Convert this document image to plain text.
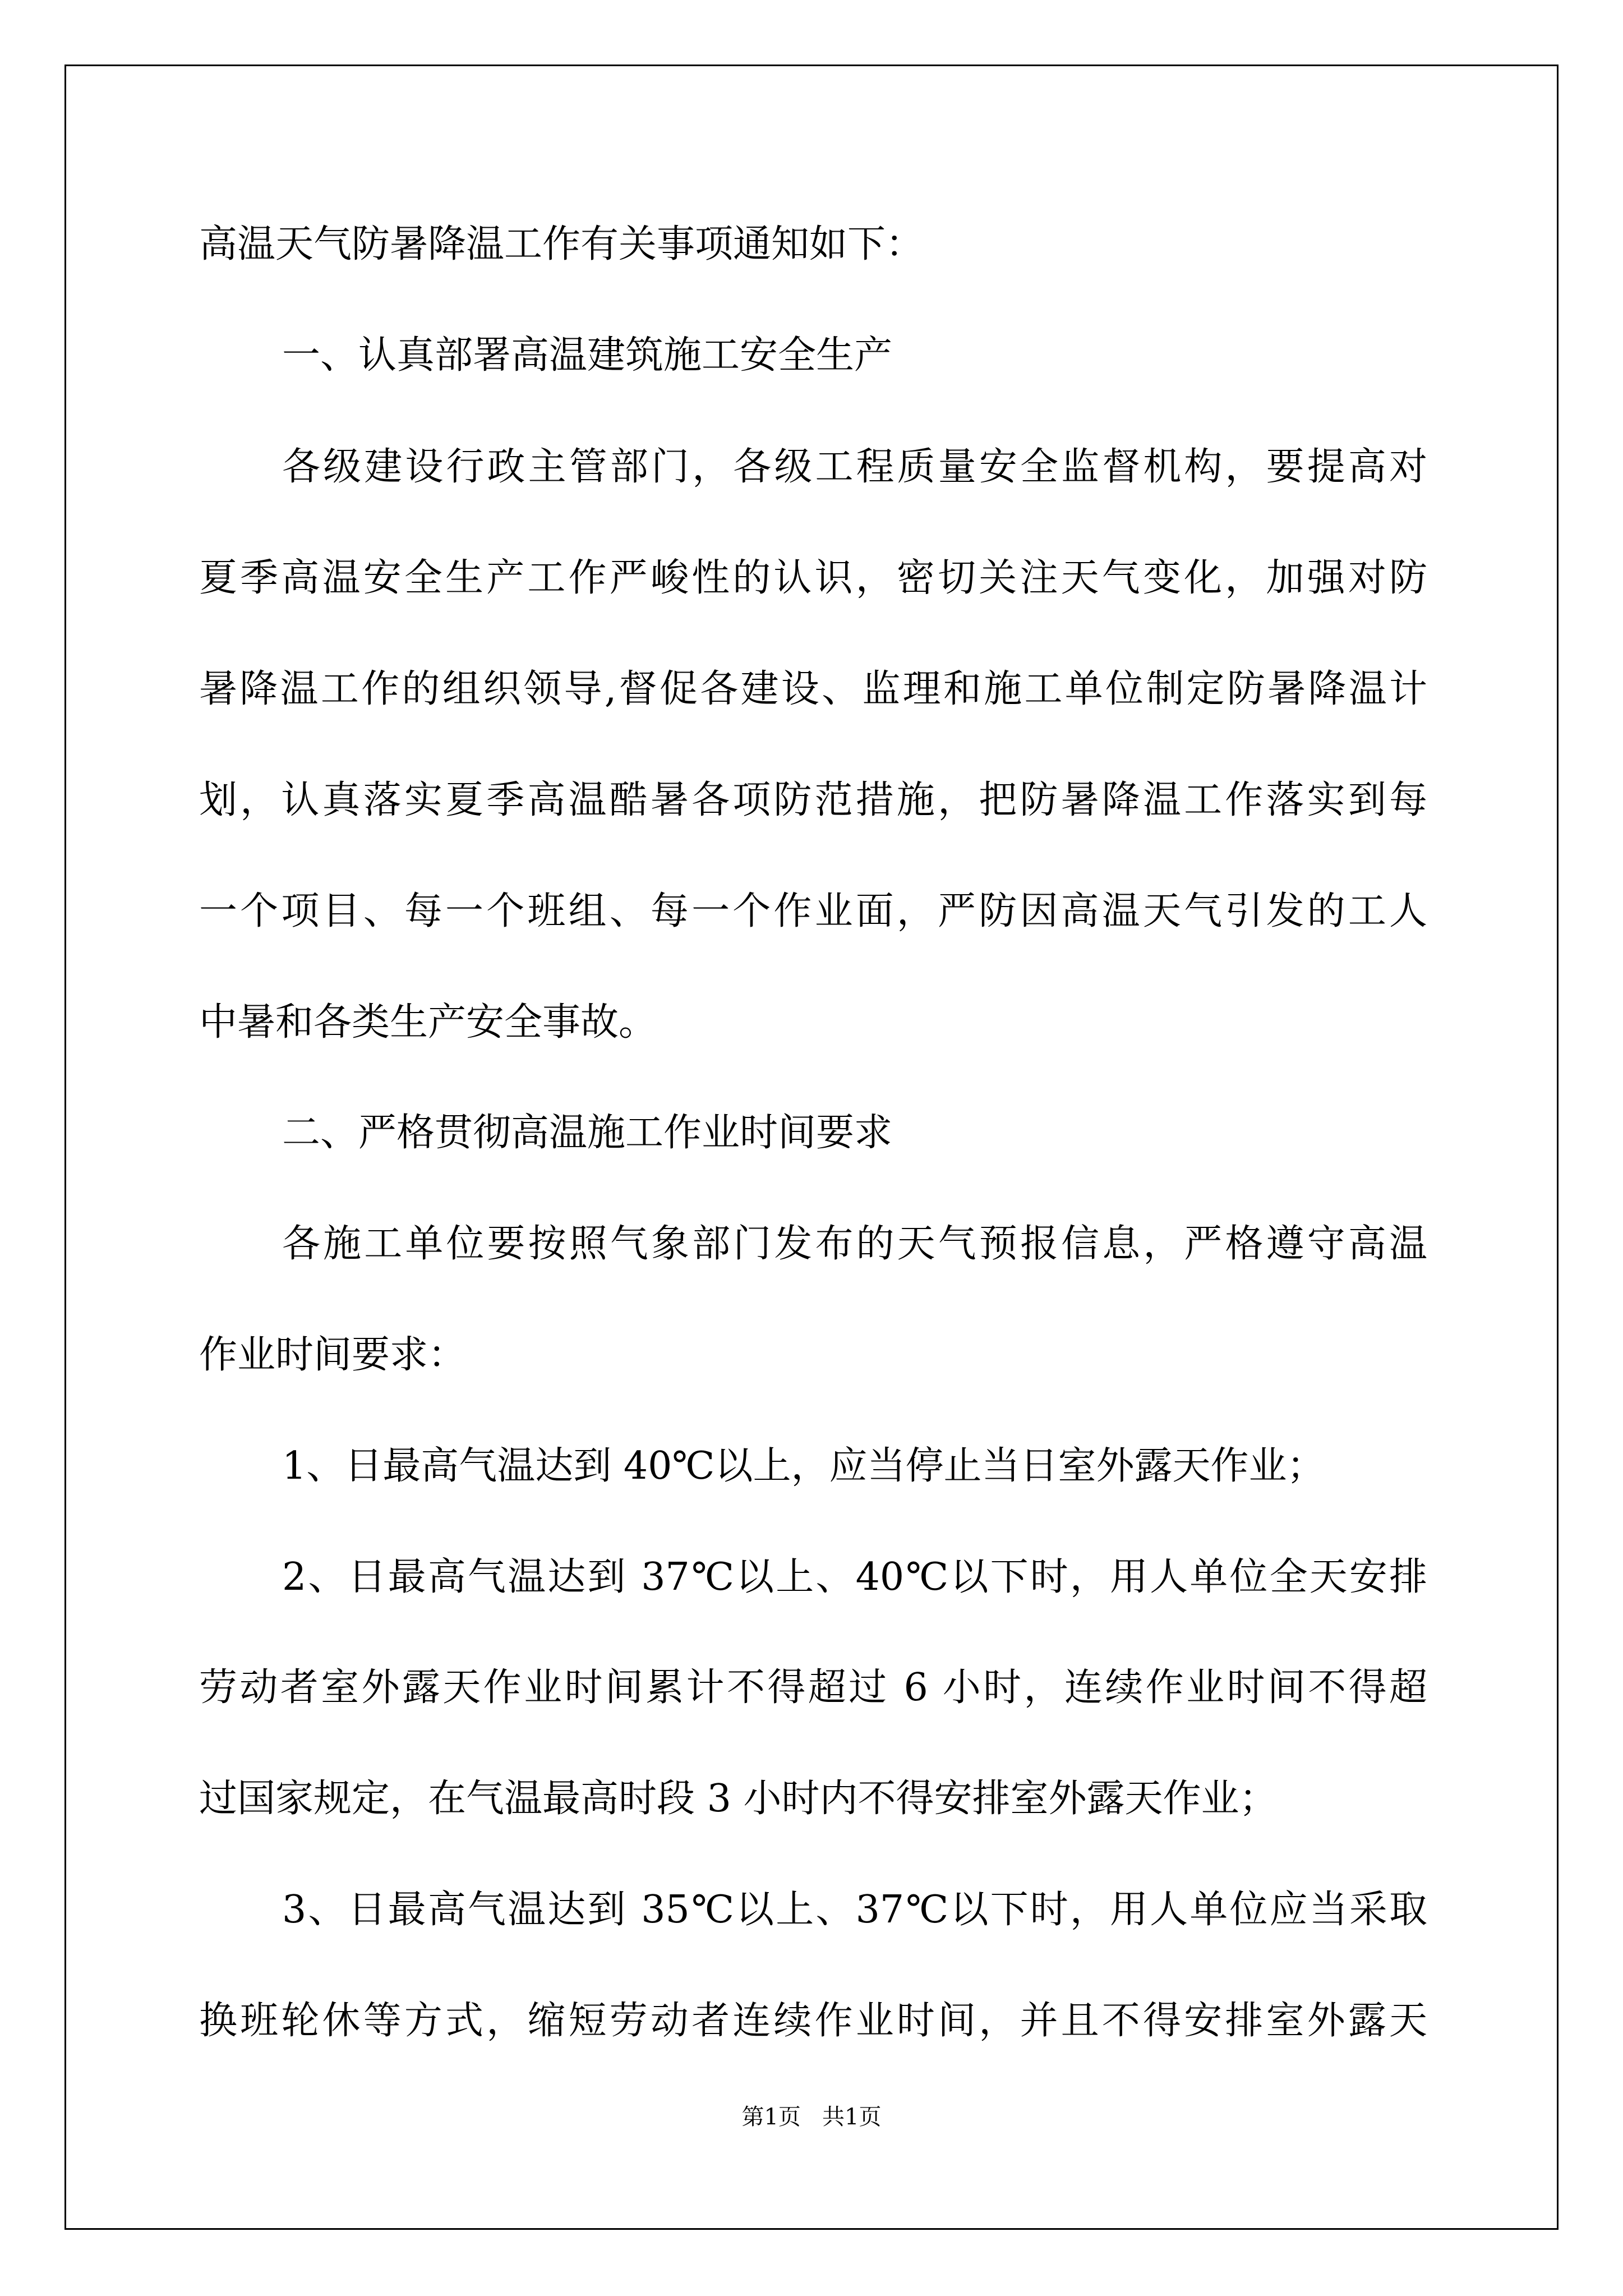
高温天气防暑降温工作有关事项通知如下：
一、认真部署高温建筑施工安全生产
各级建设行政主管部门，各级工程质量安全监督机构，要提高对
夏季高温安全生产工作严峻性的认识，密切关注天气变化，加强对防
暑降温工作的组织领导,督促各建设、监理和施工单位制定防暑降温计
划，认真落实夏季高温酷暑各项防范措施，把防暑降温工作落实到每
一个项目、每一个班组、每一个作业面，严防因高温天气引发的工人
中暑和各类生产安全事故。
二、严格贯彻高温施工作业时间要求
各施工单位要按照气象部门发布的天气预报信息，严格遵守高温
作业时间要求：
1、日最高气温达到 40℃以上，应当停止当日室外露天作业；
2、日最高气温达到 37℃以上、40℃以下时，用人单位全天安排
劳动者室外露天作业时间累计不得超过 6 小时，连续作业时间不得超
过国家规定，在气温最高时段 3 小时内不得安排室外露天作业；
3、日最高气温达到 35℃以上、37℃以下时，用人单位应当采取
换班轮休等方式，缩短劳动者连续作业时间，并且不得安排室外露天
第1页   共1页
